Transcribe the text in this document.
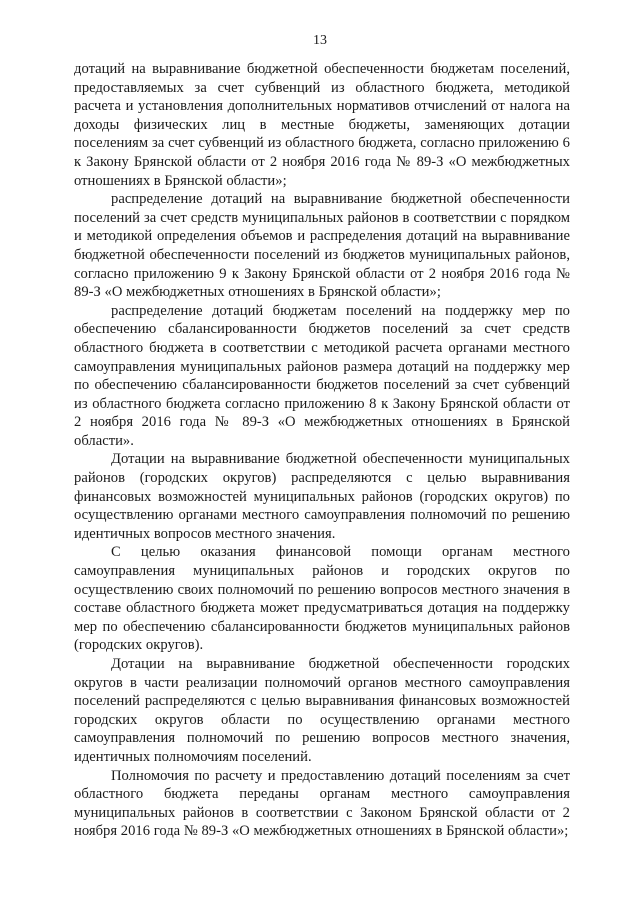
13

дотаций на выравнивание бюджетной обеспеченности бюджетам поселений, предоставляемых за счет субвенций из областного бюджета, методикой расчета и установления дополнительных нормативов отчислений от налога на доходы физических лиц в местные бюджеты, заменяющих дотации поселениям за счет субвенций из областного бюджета, согласно приложению 6 к Закону Брянской области от 2 ноября 2016 года № 89-З «О межбюджетных отношениях в Брянской области»;

распределение дотаций на выравнивание бюджетной обеспеченности поселений за счет средств муниципальных районов в соответствии с порядком и методикой определения объемов и распределения дотаций на выравнивание бюджетной обеспеченности поселений из бюджетов муниципальных районов, согласно приложению 9 к Закону Брянской области от 2 ноября 2016 года № 89-З «О межбюджетных отношениях в Брянской области»;

распределение дотаций бюджетам поселений на поддержку мер по обеспечению сбалансированности бюджетов поселений за счет средств областного бюджета в соответствии с методикой расчета органами местного самоуправления муниципальных районов размера дотаций на поддержку мер по обеспечению сбалансированности бюджетов поселений за счет субвенций из областного бюджета согласно приложению 8 к Закону Брянской области от 2 ноября 2016 года № 89-З «О межбюджетных отношениях в Брянской области».

Дотации на выравнивание бюджетной обеспеченности муниципальных районов (городских округов) распределяются с целью выравнивания финансовых возможностей муниципальных районов (городских округов) по осуществлению органами местного самоуправления полномочий по решению идентичных вопросов местного значения.

С целью оказания финансовой помощи органам местного самоуправления муниципальных районов и городских округов по осуществлению своих полномочий по решению вопросов местного значения в составе областного бюджета может предусматриваться дотация на поддержку мер по обеспечению сбалансированности бюджетов муниципальных районов (городских округов).

Дотации на выравнивание бюджетной обеспеченности городских округов в части реализации полномочий органов местного самоуправления поселений распределяются с целью выравнивания финансовых возможностей городских округов области по осуществлению органами местного самоуправления полномочий по решению вопросов местного значения, идентичных полномочиям поселений.

Полномочия по расчету и предоставлению дотаций поселениям за счет областного бюджета переданы органам местного самоуправления муниципальных районов в соответствии с Законом Брянской области от 2 ноября 2016 года № 89-З «О межбюджетных отношениях в Брянской области»;
